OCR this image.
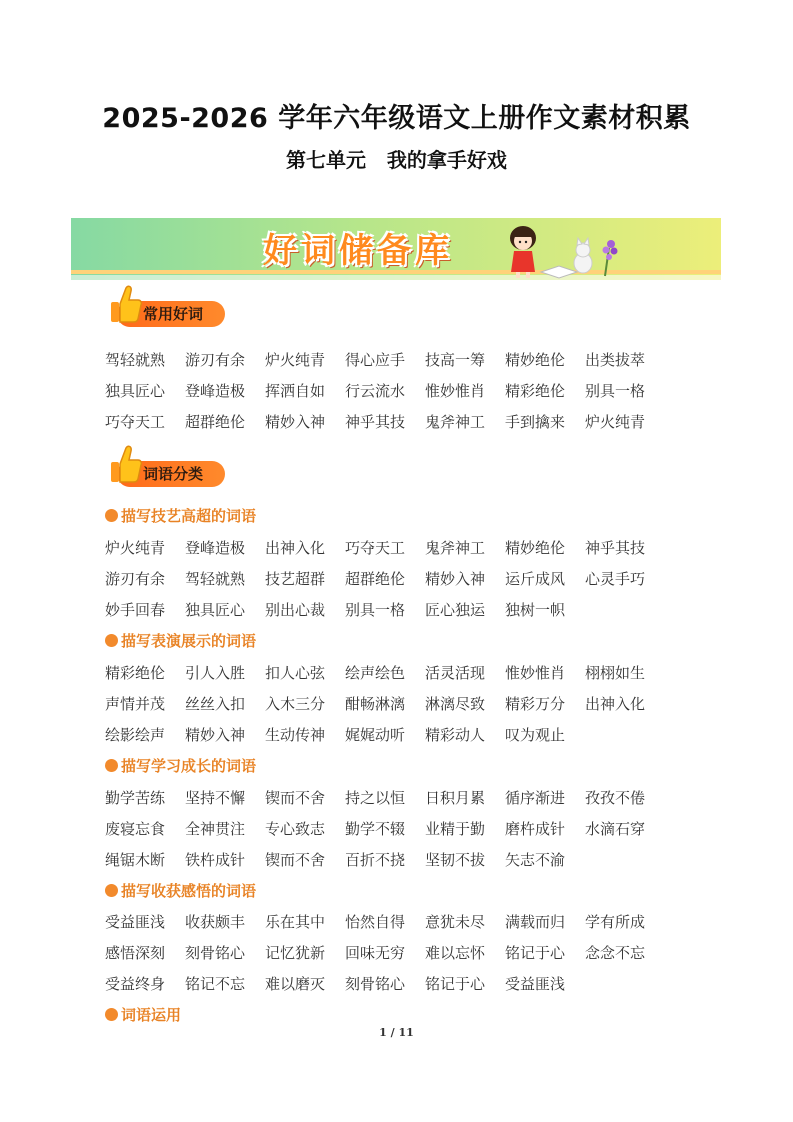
2025-2026 学年六年级语文上册作文素材积累
第七单元   我的拿手好戏
好词储备库
常用好词
驾轻就熟 游刃有余 炉火纯青 得心应手 技高一筹 精妙绝伦 出类拔萃
独具匠心 登峰造极 挥洒自如 行云流水 惟妙惟肖 精彩绝伦 别具一格
巧夺天工 超群绝伦 精妙入神 神乎其技 鬼斧神工 手到擒来 炉火纯青
词语分类
描写技艺高超的词语
炉火纯青 登峰造极 出神入化 巧夺天工 鬼斧神工 精妙绝伦 神乎其技
游刃有余 驾轻就熟 技艺超群 超群绝伦 精妙入神 运斤成风 心灵手巧
妙手回春 独具匠心 别出心裁 别具一格 匠心独运 独树一帜
描写表演展示的词语
精彩绝伦 引人入胜 扣人心弦 绘声绘色 活灵活现 惟妙惟肖 栩栩如生
声情并茂 丝丝入扣 入木三分 酣畅淋漓 淋漓尽致 精彩万分 出神入化
绘影绘声 精妙入神 生动传神 娓娓动听 精彩动人 叹为观止
描写学习成长的词语
勤学苦练 坚持不懈 锲而不舍 持之以恒 日积月累 循序渐进 孜孜不倦
废寝忘食 全神贯注 专心致志 勤学不辍 业精于勤 磨杵成针 水滴石穿
绳锯木断 铁杵成针 锲而不舍 百折不挠 坚韧不拔 矢志不渝
描写收获感悟的词语
受益匪浅 收获颇丰 乐在其中 怡然自得 意犹未尽 满载而归 学有所成
感悟深刻 刻骨铭心 记忆犹新 回味无穷 难以忘怀 铭记于心 念念不忘
受益终身 铭记不忘 难以磨灭 刻骨铭心 铭记于心 受益匪浅
词语运用
1 / 11
